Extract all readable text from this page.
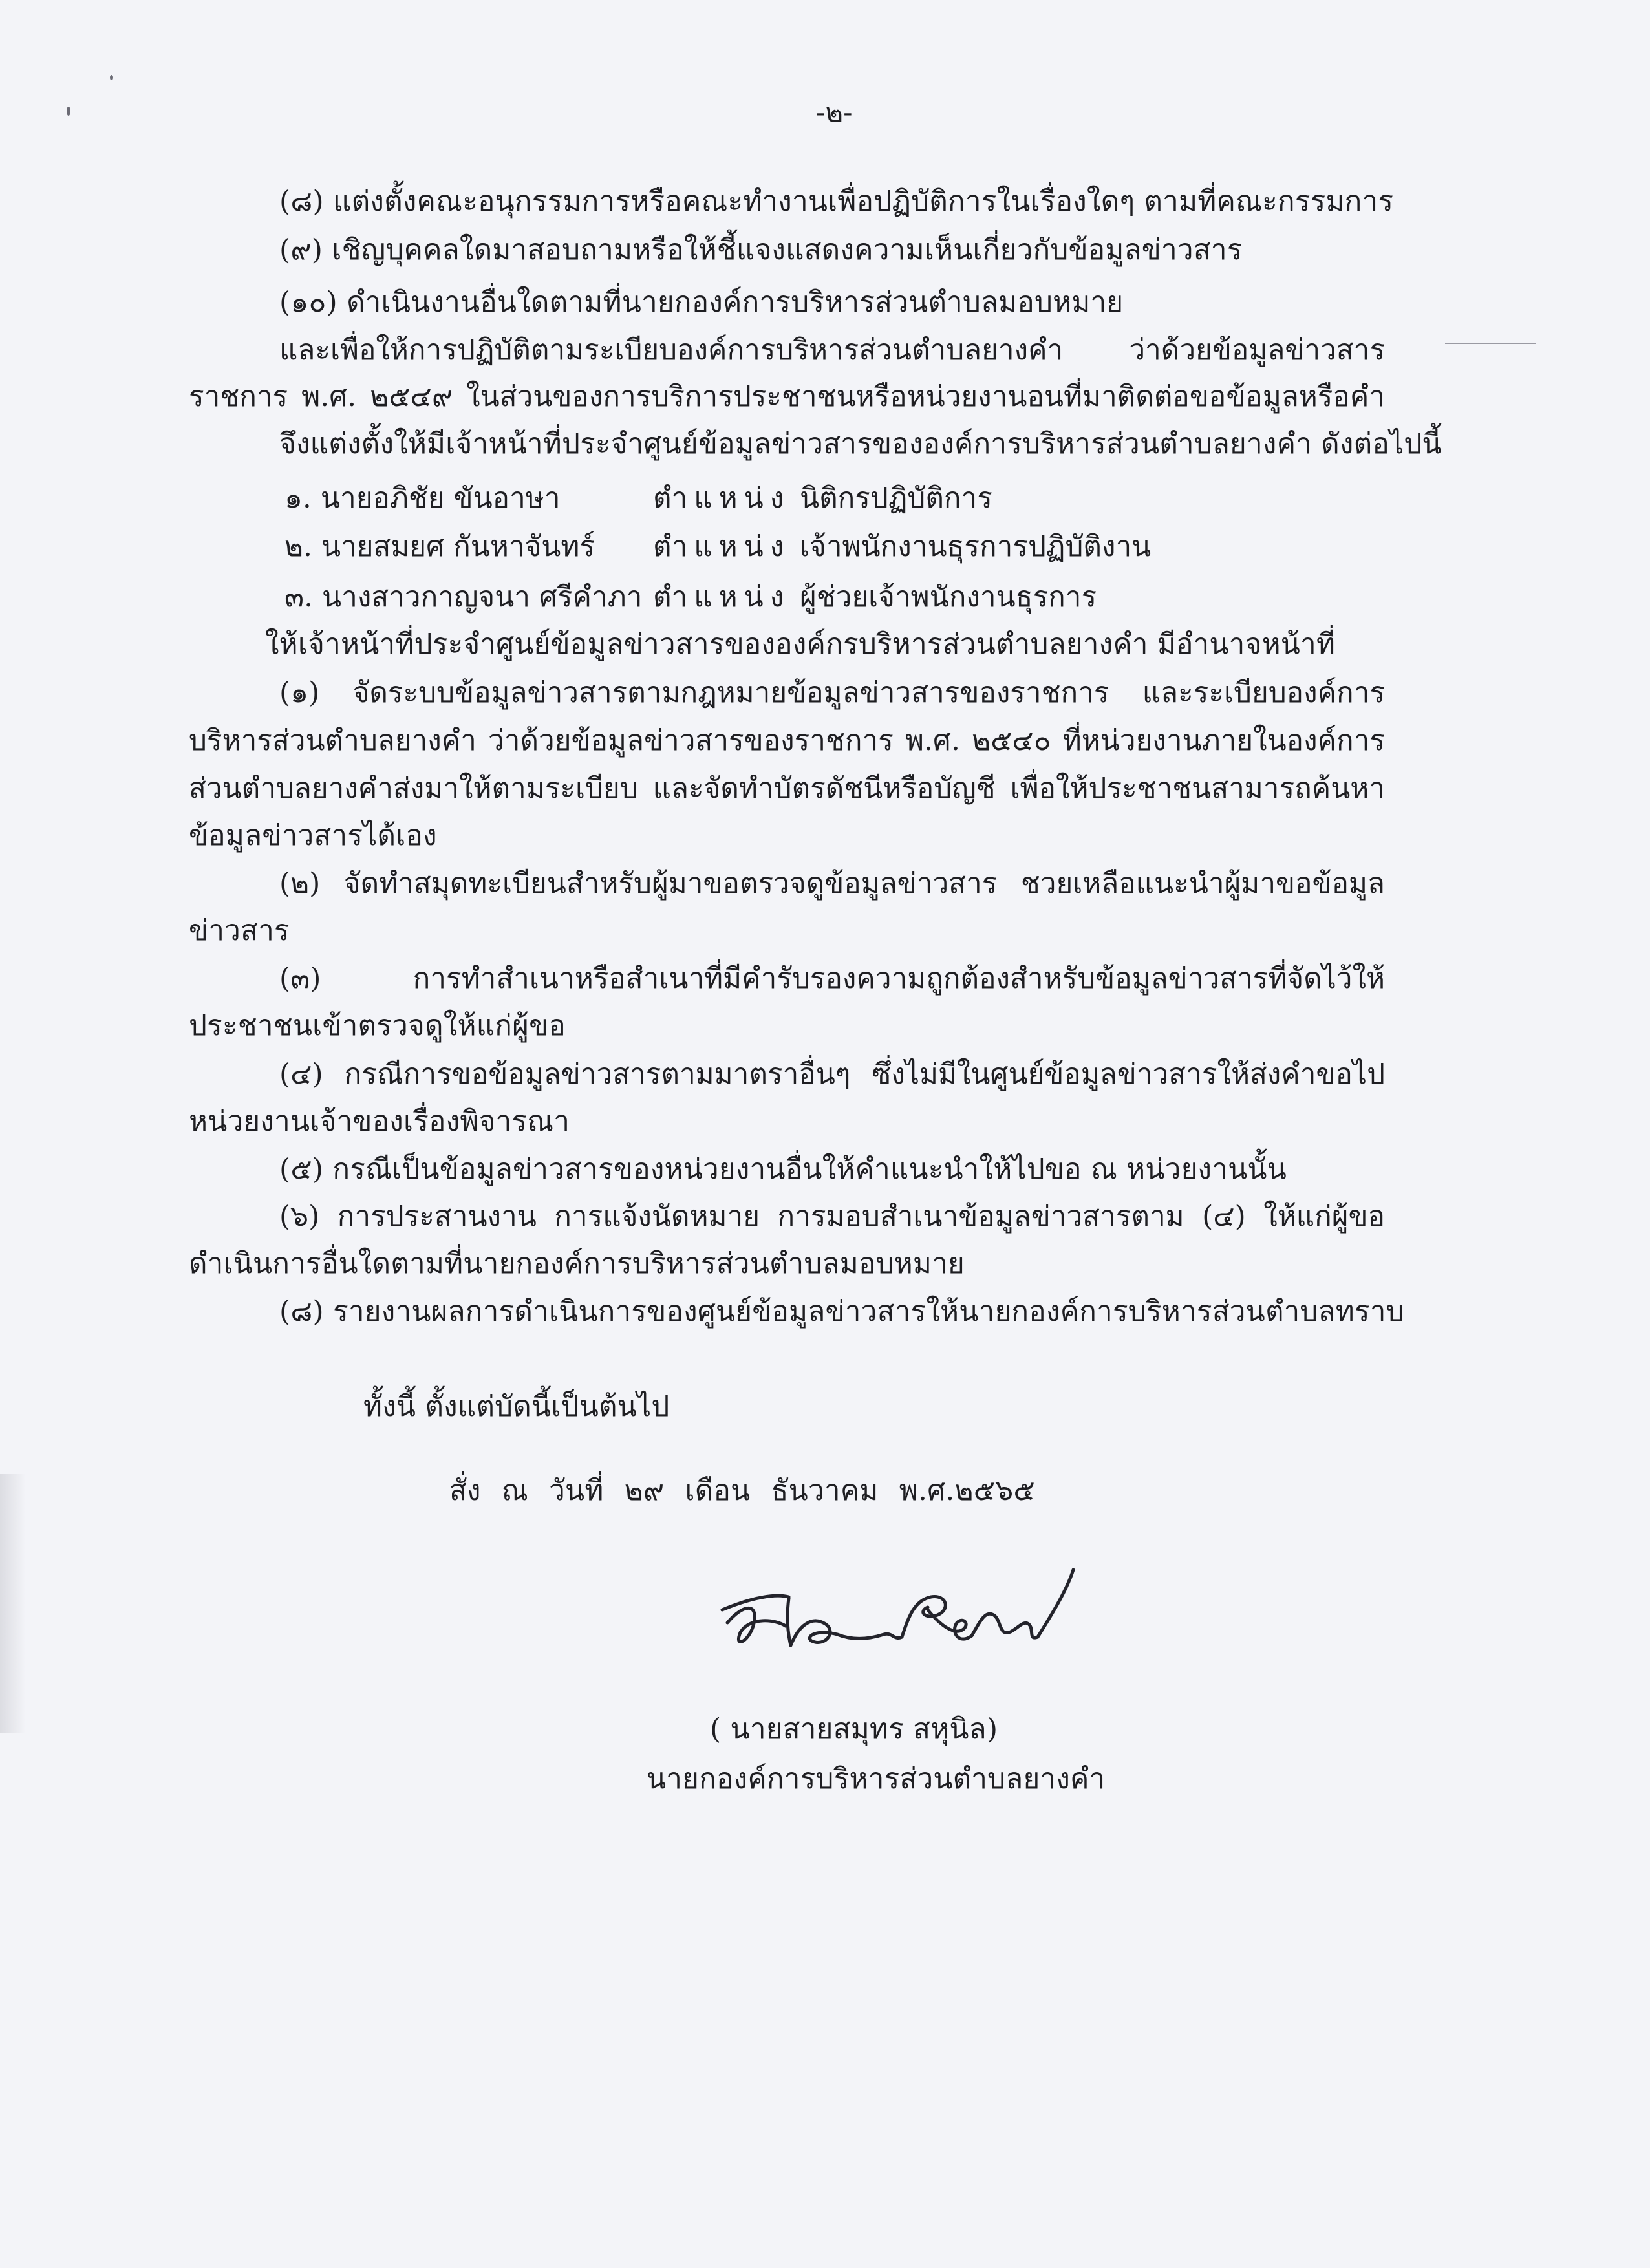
-๒-
(๘) แต่งตั้งคณะอนุกรรมการหรือคณะทำงานเพื่อปฏิบัติการในเรื่องใดๆ ตามที่คณะกรรมการ
(๙) เชิญบุคคลใดมาสอบถามหรือให้ชี้แจงแสดงความเห็นเกี่ยวกับข้อมูลข่าวสาร
(๑๐) ดำเนินงานอื่นใดตามที่นายกองค์การบริหารส่วนตำบลมอบหมาย
และเพื่อให้การปฏิบัติตามระเบียบองค์การบริหารส่วนตำบลยางคำ ว่าด้วยข้อมูลข่าวสาร
ราชการ พ.ศ. ๒๕๔๙ ในส่วนของการบริการประชาชนหรือหน่วยงานอนที่มาติดต่อขอข้อมูลหรือคำ
จึงแต่งตั้งให้มีเจ้าหน้าที่ประจำศูนย์ข้อมูลข่าวสารขององค์การบริหารส่วนตำบลยางคำ ดังต่อไปนี้
๑. นายอภิชัย ขันอาษา	ตำแหน่ง นิติกรปฏิบัติการ
๒. นายสมยศ กันหาจันทร์ ตำแหน่ง เจ้าพนักงานธุรการปฏิบัติงาน
๓. นางสาวกาญจนา ศรีคำภา ตำแหน่ง ผู้ช่วยเจ้าพนักงานธุรการ
ให้เจ้าหน้าที่ประจำศูนย์ข้อมูลข่าวสารขององค์กรบริหารส่วนตำบลยางคำ มีอำนาจหน้าที่
(๑) จัดระบบข้อมูลข่าวสารตามกฎหมายข้อมูลข่าวสารของราชการ และระเบียบองค์การ
บริหารส่วนตำบลยางคำ ว่าด้วยข้อมูลข่าวสารของราชการ พ.ศ. ๒๕๔๐ ที่หน่วยงานภายในองค์การ
ส่วนตำบลยางคำส่งมาให้ตามระเบียบ และจัดทำบัตรดัชนีหรือบัญชี เพื่อให้ประชาชนสามารถค้นหา
ข้อมูลข่าวสารได้เอง
(๒) จัดทำสมุดทะเบียนสำหรับผู้มาขอตรวจดูข้อมูลข่าวสาร ชวยเหลือแนะนำผู้มาขอข้อมูล
ข่าวสาร
(๓) การทำสำเนาหรือสำเนาที่มีคำรับรองความถูกต้องสำหรับข้อมูลข่าวสารที่จัดไว้ให้
ประชาชนเข้าตรวจดูให้แก่ผู้ขอ
(๔) กรณีการขอข้อมูลข่าวสารตามมาตราอื่นๆ ซึ่งไม่มีในศูนย์ข้อมูลข่าวสารให้ส่งคำขอไป
หน่วยงานเจ้าของเรื่องพิจารณา
(๕) กรณีเป็นข้อมูลข่าวสารของหน่วยงานอื่นให้คำแนะนำให้ไปขอ ณ หน่วยงานนั้น
(๖) การประสานงาน การแจ้งนัดหมาย การมอบสำเนาข้อมูลข่าวสารตาม (๔) ให้แก่ผู้ขอ
ดำเนินการอื่นใดตามที่นายกองค์การบริหารส่วนตำบลมอบหมาย
(๘) รายงานผลการดำเนินการของศูนย์ข้อมูลข่าวสารให้นายกองค์การบริหารส่วนตำบลทราบ
ทั้งนี้ ตั้งแต่บัดนี้เป็นต้นไป
สั่ง ณ วันที่ ๒๙ เดือน ธันวาคม พ.ศ.๒๕๖๕
( นายสายสมุทร สหุนิล)
นายกองค์การบริหารส่วนตำบลยางคำ
